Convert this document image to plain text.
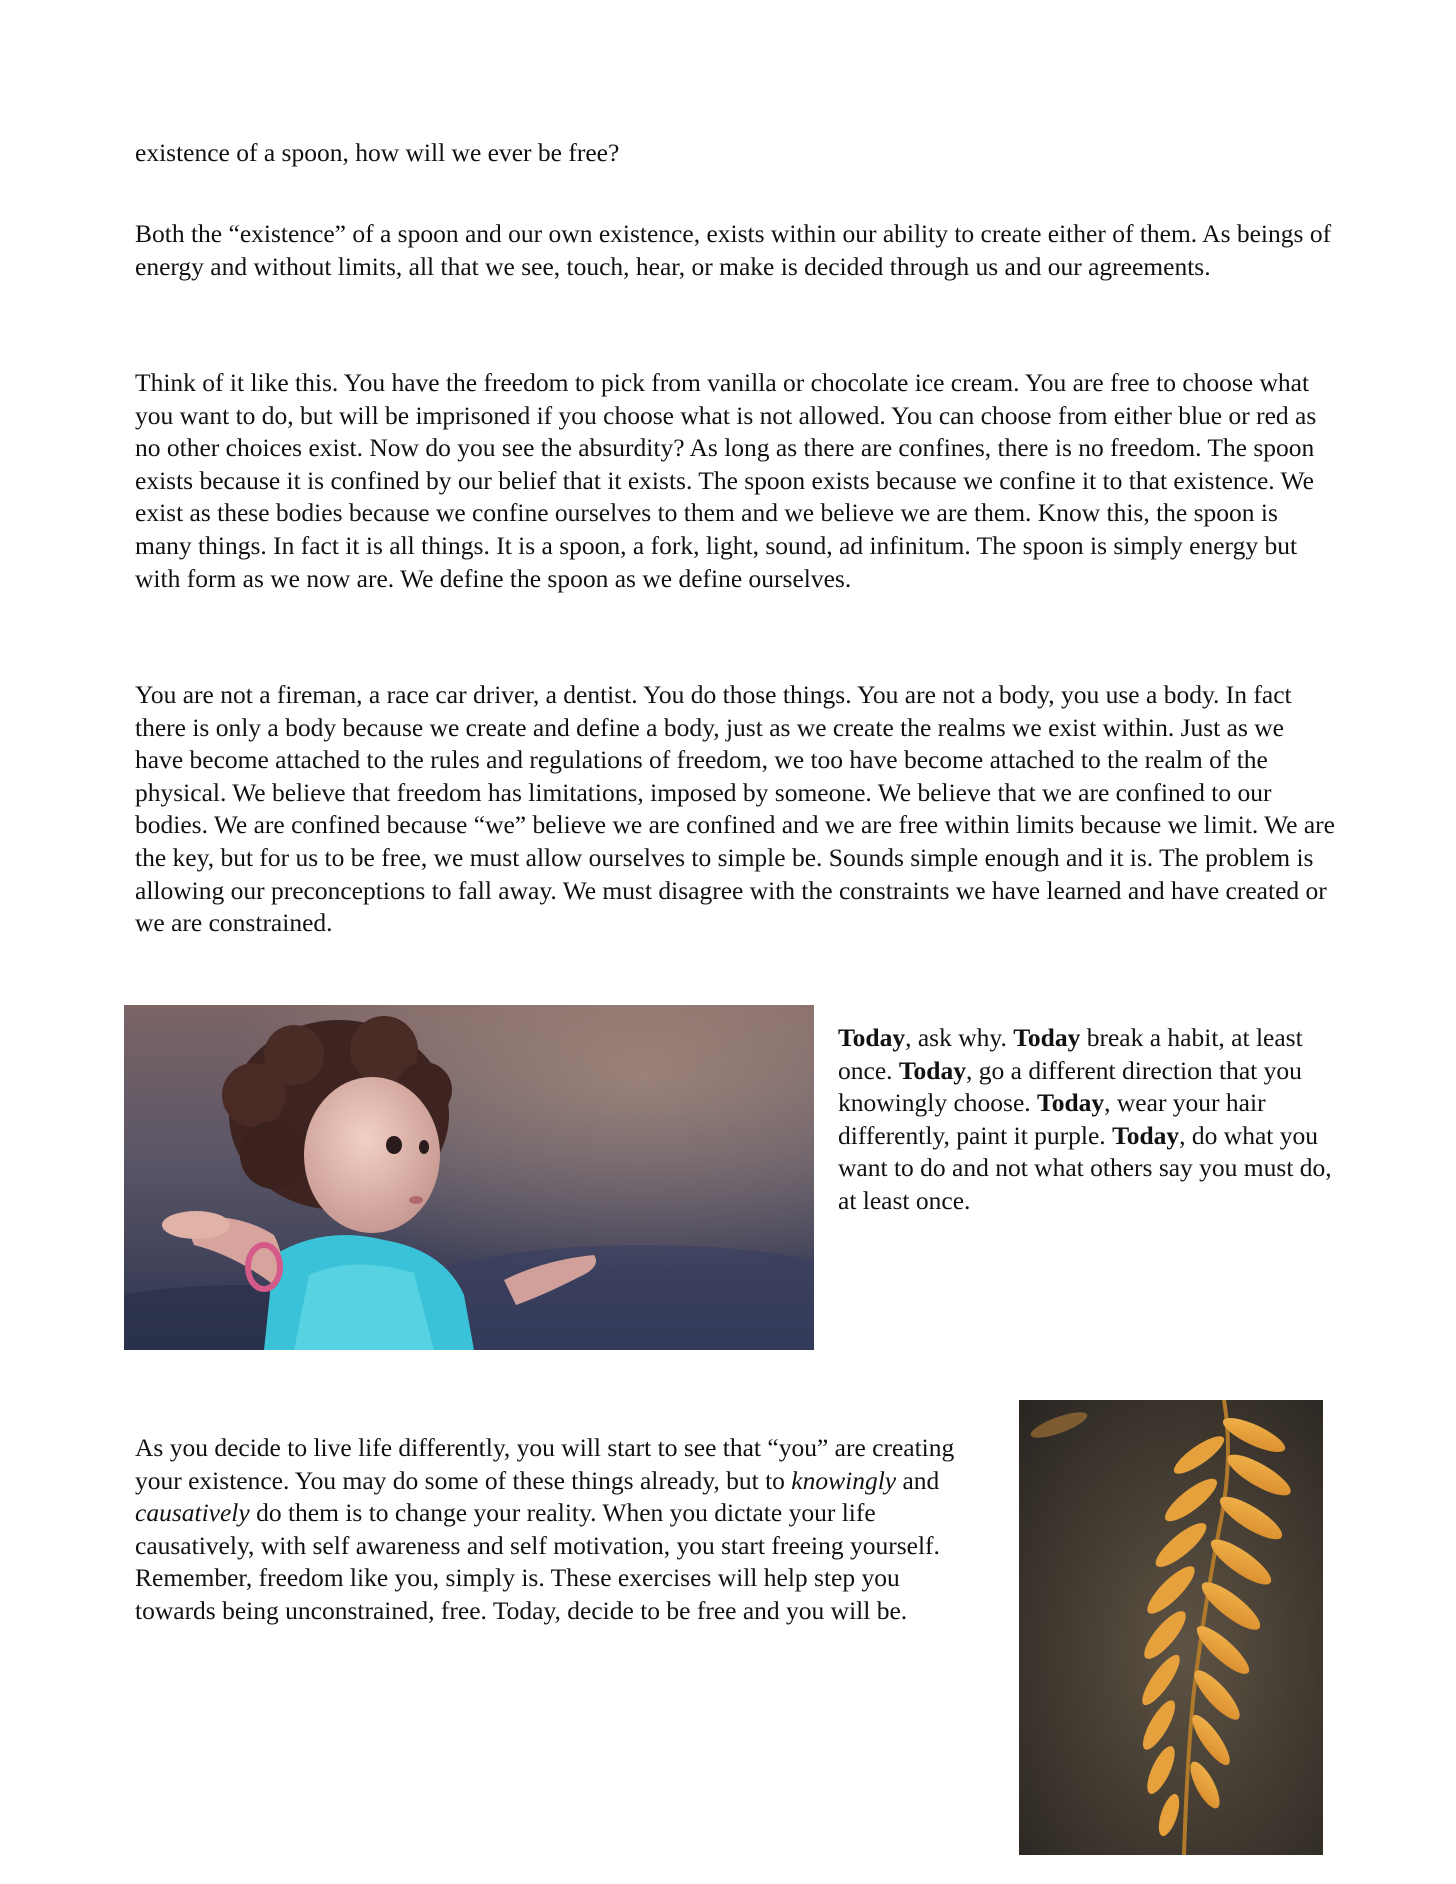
existence of a spoon, how will we ever be free?

Both the “existence” of a spoon and our own existence, exists within our ability to create either of them. As beings of energy and without limits, all that we see, touch, hear, or make is decided through us and our agreements.

Think of it like this. You have the freedom to pick from vanilla or chocolate ice cream. You are free to choose what you want to do, but will be imprisoned if you choose what is not allowed. You can choose from either blue or red as no other choices exist. Now do you see the absurdity? As long as there are confines, there is no freedom. The spoon exists because it is confined by our belief that it exists. The spoon exists because we confine it to that existence. We exist as these bodies because we confine ourselves to them and we believe we are them. Know this, the spoon is many things. In fact it is all things. It is a spoon, a fork, light, sound, ad infinitum. The spoon is simply energy but with form as we now are. We define the spoon as we define ourselves.

You are not a fireman, a race car driver, a dentist. You do those things. You are not a body, you use a body. In fact there is only a body because we create and define a body, just as we create the realms we exist within. Just as we have become attached to the rules and regulations of freedom, we too have become attached to the realm of the physical. We believe that freedom has limitations, imposed by someone. We believe that we are confined to our bodies. We are confined because “we” believe we are confined and we are free within limits because we limit. We are the key, but for us to be free, we must allow ourselves to simple be. Sounds simple enough and it is. The problem is allowing our preconceptions to fall away. We must disagree with the constraints we have learned and have created or we are constrained.

Today, ask why. Today break a habit, at least once. Today, go a different direction that you knowingly choose. Today, wear your hair differently, paint it purple. Today, do what you want to do and not what others say you must do, at least once.

As you decide to live life differently, you will start to see that “you” are creating your existence. You may do some of these things already, but to knowingly and causatively do them is to change your reality. When you dictate your life causatively, with self awareness and self motivation, you start freeing yourself. Remember, freedom like you, simply is. These exercises will help step you towards being unconstrained, free. Today, decide to be free and you will be.
